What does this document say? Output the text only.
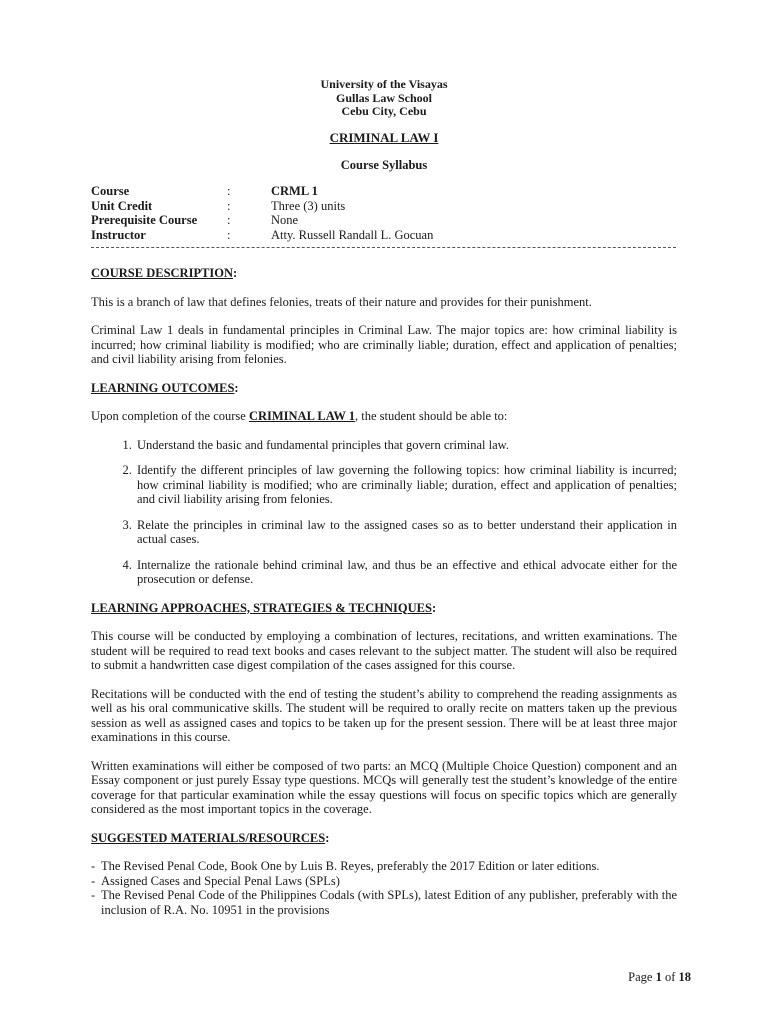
University of the Visayas
Gullas Law School
Cebu City, Cebu
CRIMINAL LAW I
Course Syllabus
Course	:	CRML 1
Unit Credit	:	Three (3) units
Prerequisite Course	:	None
Instructor	:	Atty. Russell Randall L. Gocuan
COURSE DESCRIPTION:

This is a branch of law that defines felonies, treats of their nature and provides for their punishment.

Criminal Law 1 deals in fundamental principles in Criminal Law. The major topics are: how criminal liability is incurred; how criminal liability is modified; who are criminally liable; duration, effect and application of penalties; and civil liability arising from felonies.

LEARNING OUTCOMES:

Upon completion of the course CRIMINAL LAW 1, the student should be able to:

1. Understand the basic and fundamental principles that govern criminal law.
2. Identify the different principles of law governing the following topics: how criminal liability is incurred; how criminal liability is modified; who are criminally liable; duration, effect and application of penalties; and civil liability arising from felonies.
3. Relate the principles in criminal law to the assigned cases so as to better understand their application in actual cases.
4. Internalize the rationale behind criminal law, and thus be an effective and ethical advocate either for the prosecution or defense.
LEARNING APPROACHES, STRATEGIES & TECHNIQUES:

This course will be conducted by employing a combination of lectures, recitations, and written examinations. The student will be required to read text books and cases relevant to the subject matter. The student will also be required to submit a handwritten case digest compilation of the cases assigned for this course.

Recitations will be conducted with the end of testing the student’s ability to comprehend the reading assignments as well as his oral communicative skills. The student will be required to orally recite on matters taken up the previous session as well as assigned cases and topics to be taken up for the present session. There will be at least three major examinations in this course.

Written examinations will either be composed of two parts: an MCQ (Multiple Choice Question) component and an Essay component or just purely Essay type questions. MCQs will generally test the student’s knowledge of the entire coverage for that particular examination while the essay questions will focus on specific topics which are generally considered as the most important topics in the coverage.

SUGGESTED MATERIALS/RESOURCES:
- The Revised Penal Code, Book One by Luis B. Reyes, preferably the 2017 Edition or later editions.
- Assigned Cases and Special Penal Laws (SPLs)
- The Revised Penal Code of the Philippines Codals (with SPLs), latest Edition of any publisher, preferably with the inclusion of R.A. No. 10951 in the provisions
Page 1 of 18
